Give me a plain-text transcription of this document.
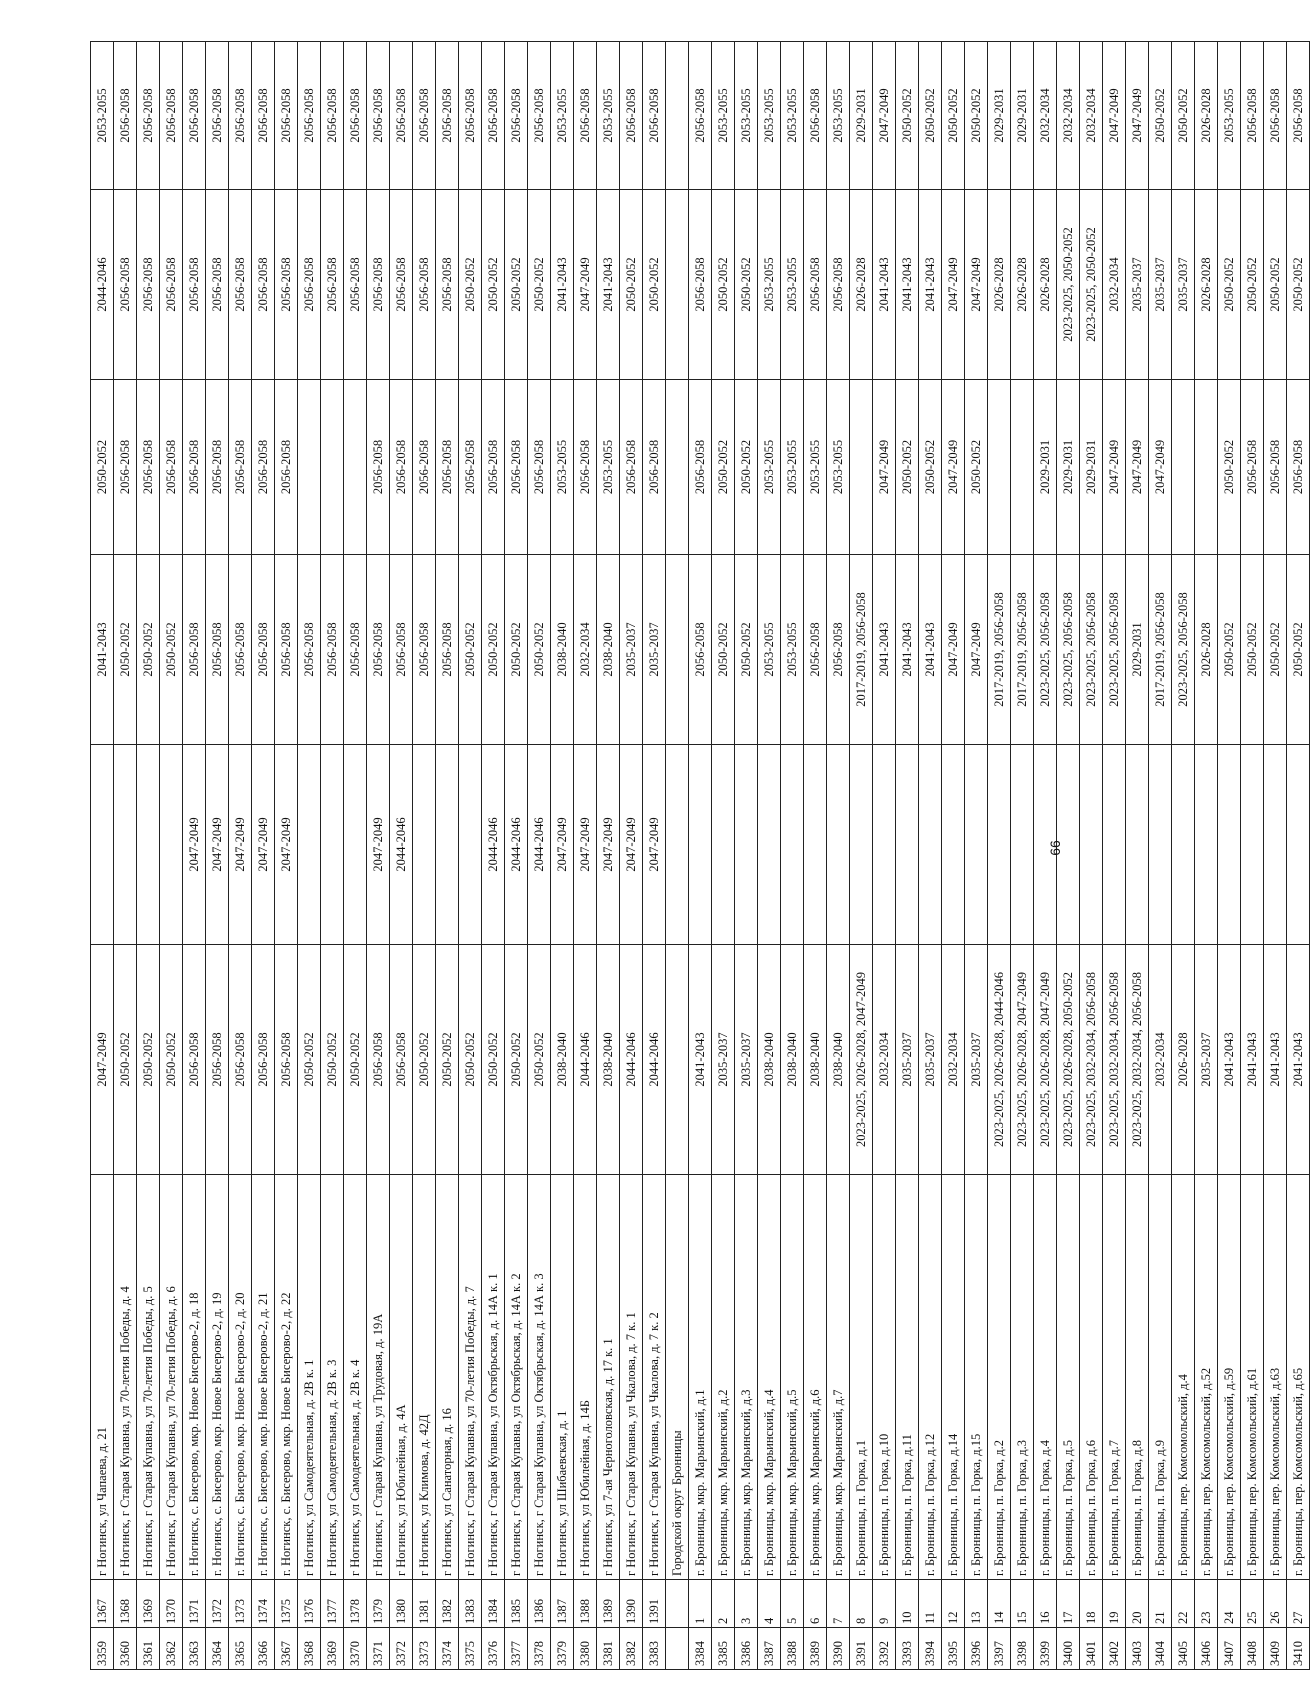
3359	1367	г Ногинск, ул Чапаева, д. 21	2047-2049		2041-2043	2050-2052	2044-2046	2053-2055
3360	1368	г Ногинск, г Старая Купавна, ул 70-летия Победы, д. 4	2050-2052		2050-2052	2056-2058	2056-2058	2056-2058
3361	1369	г Ногинск, г Старая Купавна, ул 70-летия Победы, д. 5	2050-2052		2050-2052	2056-2058	2056-2058	2056-2058
3362	1370	г Ногинск, г Старая Купавна, ул 70-летия Победы, д. 6	2050-2052		2050-2052	2056-2058	2056-2058	2056-2058
3363	1371	г. Ногинск, с. Бисерово, мкр. Новое Бисерово-2, д. 18	2056-2058	2047-2049	2056-2058	2056-2058	2056-2058	2056-2058
3364	1372	г. Ногинск, с. Бисерово, мкр. Новое Бисерово-2, д. 19	2056-2058	2047-2049	2056-2058	2056-2058	2056-2058	2056-2058
3365	1373	г. Ногинск, с. Бисерово, мкр. Новое Бисерово-2, д. 20	2056-2058	2047-2049	2056-2058	2056-2058	2056-2058	2056-2058
3366	1374	г. Ногинск, с. Бисерово, мкр. Новое Бисерово-2, д. 21	2056-2058	2047-2049	2056-2058	2056-2058	2056-2058	2056-2058
3367	1375	г. Ногинск, с. Бисерово, мкр. Новое Бисерово-2, д. 22	2056-2058	2047-2049	2056-2058	2056-2058	2056-2058	2056-2058
3368	1376	г Ногинск, ул Самодеятельная, д. 2В к. 1	2050-2052		2056-2058		2056-2058	2056-2058
3369	1377	г Ногинск, ул Самодеятельная, д. 2В к. 3	2050-2052		2056-2058		2056-2058	2056-2058
3370	1378	г Ногинск, ул Самодеятельная, д. 2В к. 4	2050-2052		2056-2058		2056-2058	2056-2058
3371	1379	г Ногинск, г Старая Купавна, ул Трудовая, д. 19А	2056-2058	2047-2049	2056-2058	2056-2058	2056-2058	2056-2058
3372	1380	г Ногинск, ул Юбилейная, д. 4А	2056-2058	2044-2046	2056-2058	2056-2058	2056-2058	2056-2058
3373	1381	г Ногинск, ул Климова, д. 42Д	2050-2052		2056-2058	2056-2058	2056-2058	2056-2058
3374	1382	г Ногинск, ул Санаторная, д. 16	2050-2052		2056-2058	2056-2058	2056-2058	2056-2058
3375	1383	г Ногинск, г Старая Купавна, ул 70-летия Победы, д. 7	2050-2052		2050-2052	2056-2058	2050-2052	2056-2058
3376	1384	г Ногинск, г Старая Купавна, ул Октябрьская, д. 14А к. 1	2050-2052	2044-2046	2050-2052	2056-2058	2050-2052	2056-2058
3377	1385	г Ногинск, г Старая Купавна, ул Октябрьская, д. 14А к. 2	2050-2052	2044-2046	2050-2052	2056-2058	2050-2052	2056-2058
3378	1386	г Ногинск, г Старая Купавна, ул Октябрьская, д. 14А к. 3	2050-2052	2044-2046	2050-2052	2056-2058	2050-2052	2056-2058
3379	1387	г Ногинск, ул Шибаевская, д. 1	2038-2040	2047-2049	2038-2040	2053-2055	2041-2043	2053-2055
3380	1388	г Ногинск, ул Юбилейная, д. 14Б	2044-2046	2047-2049	2032-2034	2056-2058	2047-2049	2056-2058
3381	1389	г Ногинск, ул 7-ая Черноголовская, д. 17 к. 1	2038-2040	2047-2049	2038-2040	2053-2055	2041-2043	2053-2055
3382	1390	г Ногинск, г Старая Купавна, ул Чкалова, д. 7 к. 1	2044-2046	2047-2049	2035-2037	2056-2058	2050-2052	2056-2058
3383	1391	г Ногинск, г Старая Купавна, ул Чкалова, д. 7 к. 2	2044-2046	2047-2049	2035-2037	2056-2058	2050-2052	2056-2058
		Городской округ Бронницы						
3384	1	г. Бронницы, мкр. Марьинский, д.1	2041-2043		2056-2058	2056-2058	2056-2058	2056-2058
3385	2	г. Бронницы, мкр. Марьинский, д.2	2035-2037		2050-2052	2050-2052	2050-2052	2053-2055
3386	3	г. Бронницы, мкр. Марьинский, д.3	2035-2037		2050-2052	2050-2052	2050-2052	2053-2055
3387	4	г. Бронницы, мкр. Марьинский, д.4	2038-2040		2053-2055	2053-2055	2053-2055	2053-2055
3388	5	г. Бронницы, мкр. Марьинский, д.5	2038-2040		2053-2055	2053-2055	2053-2055	2053-2055
3389	6	г. Бронницы, мкр. Марьинский, д.6	2038-2040		2056-2058	2053-2055	2056-2058	2056-2058
3390	7	г. Бронницы, мкр. Марьинский, д.7	2038-2040		2056-2058	2053-2055	2056-2058	2053-2055
3391	8	г. Бронницы, п. Горка, д.1	2023-2025, 2026-2028, 2047-2049		2017-2019, 2056-2058		2026-2028	2029-2031
3392	9	г. Бронницы, п. Горка, д.10	2032-2034		2041-2043	2047-2049	2041-2043	2047-2049
3393	10	г. Бронницы, п. Горка, д.11	2035-2037		2041-2043	2050-2052	2041-2043	2050-2052
3394	11	г. Бронницы, п. Горка, д.12	2035-2037		2041-2043	2050-2052	2041-2043	2050-2052
3395	12	г. Бронницы, п. Горка, д.14	2032-2034		2047-2049	2047-2049	2047-2049	2050-2052
3396	13	г. Бронницы, п. Горка, д.15	2035-2037		2047-2049	2050-2052	2047-2049	2050-2052
3397	14	г. Бронницы, п. Горка, д.2	2023-2025, 2026-2028, 2044-2046		2017-2019, 2056-2058		2026-2028	2029-2031
3398	15	г. Бронницы, п. Горка, д.3	2023-2025, 2026-2028, 2047-2049		2017-2019, 2056-2058		2026-2028	2029-2031
3399	16	г. Бронницы, п. Горка, д.4	2023-2025, 2026-2028, 2047-2049		2023-2025, 2056-2058	2029-2031	2026-2028	2032-2034
3400	17	г. Бронницы, п. Горка, д.5	2023-2025, 2026-2028, 2050-2052		2023-2025, 2056-2058	2029-2031	2023-2025, 2050-2052	2032-2034
3401	18	г. Бронницы, п. Горка, д.6	2023-2025, 2032-2034, 2056-2058		2023-2025, 2056-2058	2029-2031	2023-2025, 2050-2052	2032-2034
3402	19	г. Бронницы, п. Горка, д.7	2023-2025, 2032-2034, 2056-2058		2023-2025, 2056-2058	2047-2049	2032-2034	2047-2049
3403	20	г. Бронницы, п. Горка, д.8	2023-2025, 2032-2034, 2056-2058		2029-2031	2047-2049	2035-2037	2047-2049
3404	21	г. Бронницы, п. Горка, д.9	2032-2034		2017-2019, 2056-2058	2047-2049	2035-2037	2050-2052
3405	22	г. Бронницы, пер. Комсомольский, д.4	2026-2028		2023-2025, 2056-2058		2035-2037	2050-2052
3406	23	г. Бронницы, пер. Комсомольский, д.52	2035-2037		2026-2028		2026-2028	2026-2028
3407	24	г. Бронницы, пер. Комсомольский, д.59	2041-2043		2050-2052	2050-2052	2050-2052	2053-2055
3408	25	г. Бронницы, пер. Комсомольский, д.61	2041-2043		2050-2052	2056-2058	2050-2052	2056-2058
3409	26	г. Бронницы, пер. Комсомольский, д.63	2041-2043		2050-2052	2056-2058	2050-2052	2056-2058
3410	27	г. Бронницы, пер. Комсомольский, д.65	2041-2043		2050-2052	2056-2058	2050-2052	2056-2058
66
